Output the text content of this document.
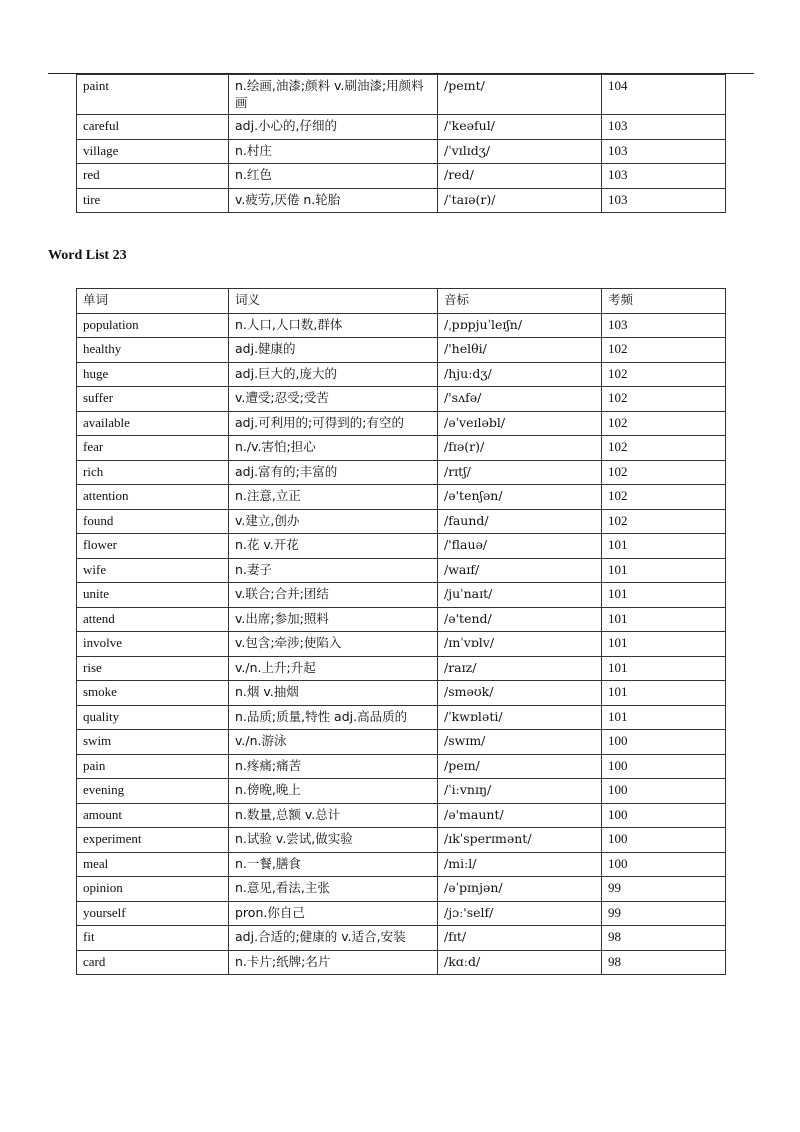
paint	n.绘画,油漆;颜料 v.刷油漆;用颜料画	/peɪnt/	104
careful	adj.小心的,仔细的	/'keəful/	103
village	n.村庄	/ˈvɪlɪdʒ/	103
red	n.红色	/red/	103
tire	v.疲劳,厌倦 n.轮胎	/ˈtaɪə(r)/	103
Word List 23
单词	词义	音标	考频
population	n.人口,人口数,群体	/ˌpɒpjuˈleɪʃn/	103
healthy	adj.健康的	/'helθi/	102
huge	adj.巨大的,庞大的	/hjuːdʒ/	102
suffer	v.遭受;忍受;受苦	/'sʌfə/	102
available	adj.可利用的;可得到的;有空的	/əˈveɪləbl/	102
fear	n./v.害怕;担心	/fɪə(r)/	102
rich	adj.富有的;丰富的	/rɪtʃ/	102
attention	n.注意,立正	/ə'tenʃən/	102
found	v.建立,创办	/faund/	102
flower	n.花 v.开花	/'flauə/	101
wife	n.妻子	/waɪf/	101
unite	v.联合;合并;团结	/juˈnaɪt/	101
attend	v.出席;参加;照料	/ə'tend/	101
involve	v.包含;牵涉;使陷入	/ɪnˈvɒlv/	101
rise	v./n.上升;升起	/raɪz/	101
smoke	n.烟 v.抽烟	/sməʊk/	101
quality	n.品质;质量,特性 adj.高品质的	/ˈkwɒləti/	101
swim	v./n.游泳	/swɪm/	100
pain	n.疼痛;痛苦	/peɪn/	100
evening	n.傍晚,晚上	/ˈiːvnɪŋ/	100
amount	n.数量,总额 v.总计	/ə'maunt/	100
experiment	n.试验 v.尝试,做实验	/ɪkˈsperɪmənt/	100
meal	n.一餐,膳食	/miːl/	100
opinion	n.意见,看法,主张	/əˈpɪnjən/	99
yourself	pron.你自己	/jɔː'self/	99
fit	adj.合适的;健康的 v.适合,安装	/fɪt/	98
card	n.卡片;纸牌;名片	/kɑːd/	98
